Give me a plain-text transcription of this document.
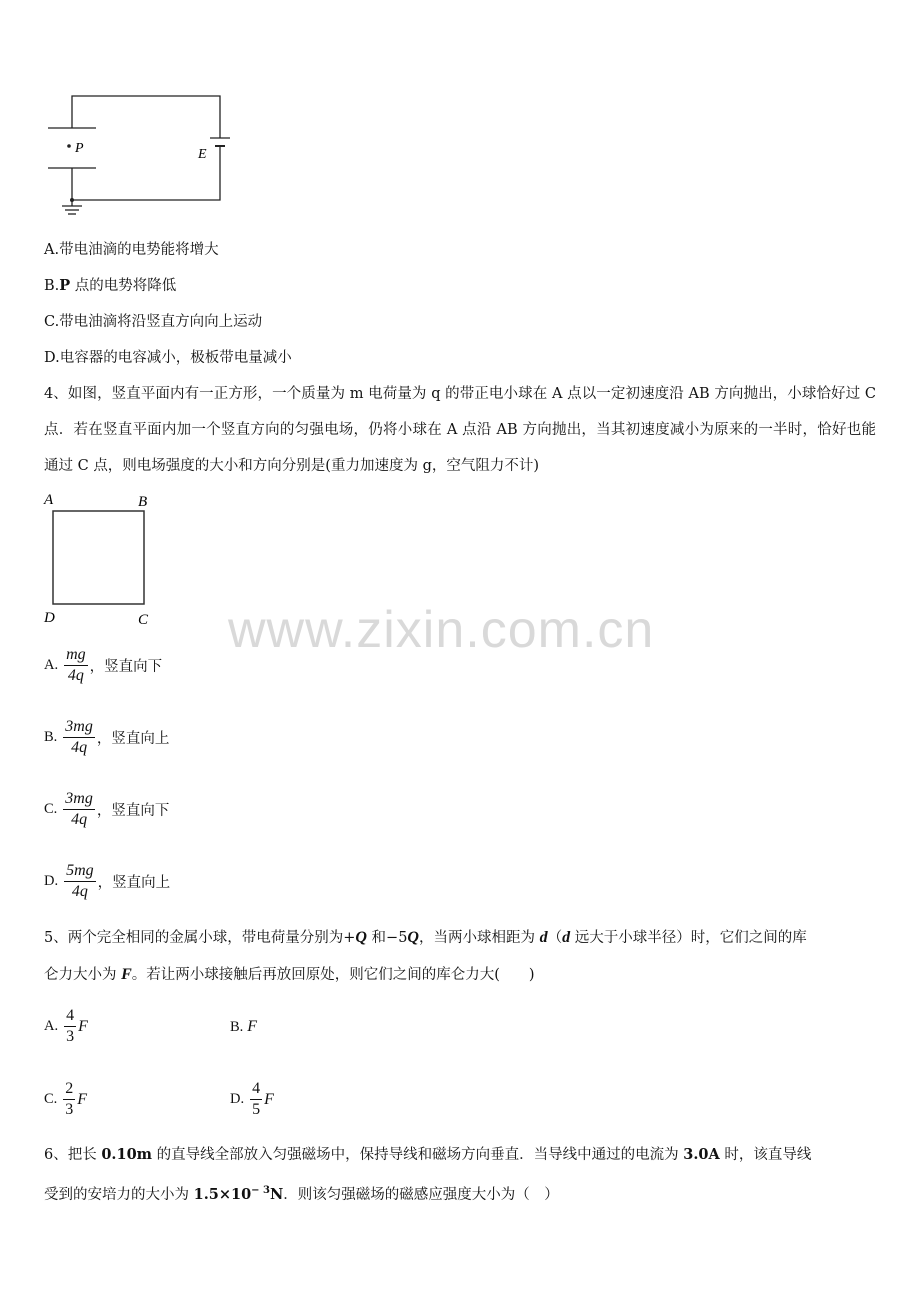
P	E
A.带电油滴的电势能将增大
B.P 点的电势将降低
C.带电油滴将沿竖直方向向上运动
D.电容器的电容减小，极板带电量减小
4、如图，竖直平面内有一正方形，一个质量为 m 电荷量为 q 的带正电小球在 A 点以一定初速度沿 AB 方向抛出，小球恰好过 C 点．若在竖直平面内加一个竖直方向的匀强电场，仍将小球在 A 点沿 AB 方向抛出，当其初速度减小为原来的一半时，恰好也能通过 C 点，则电场强度的大小和方向分别是(重力加速度为 g，空气阻力不计)
A	B
C
D
A. $\frac{mg}{4q}$ ，竖直向下
B. $\frac{3mg}{4q}$ ，竖直向上
C. $\frac{3mg}{4q}$ ，竖直向下
D. $\frac{5mg}{4q}$ ，竖直向上
www.zixin.com.cn
5、两个完全相同的金属小球，带电荷量分别为+Q 和−5Q，当两小球相距为 d（d 远大于小球半径）时，它们之间的库
仑力大小为 F。若让两小球接触后再放回原处，则它们之间的库仑力大(　　)
A. $\frac{4}{3}$ F	B. F
C. $\frac{2}{3}$ F	D. $\frac{4}{5}$ F
6、把长 0.10m 的直导线全部放入匀强磁场中，保持导线和磁场方向垂直．当导线中通过的电流为 3.0A 时，该直导线
受到的安培力的大小为 $1.5\times 10^{- 3}N$．则该匀强磁场的磁感应强度大小为（　）
